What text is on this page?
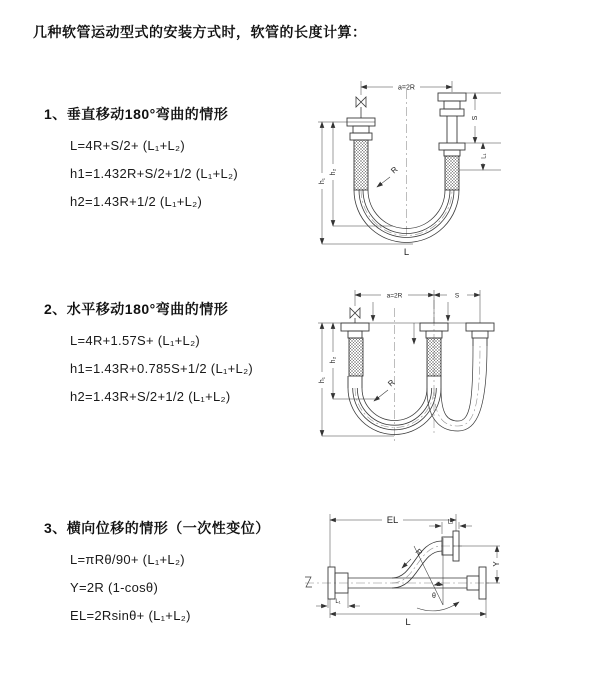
几种软管运动型式的安装方式时，软管的长度计算：
1、垂直移动180°弯曲的情形
L=4R+S/2+ (L₁+L₂)
h1=1.432R+S/2+1/2 (L₁+L₂)
h2=1.43R+1/2 (L₁+L₂)
2、水平移动180°弯曲的情形
L=4R+1.57S+ (L₁+L₂)
h1=1.43R+0.785S+1/2 (L₁+L₂)
h2=1.43R+S/2+1/2 (L₁+L₂)
3、横向位移的情形（一次性变位）
L=πRθ/90+ (L₁+L₂)
Y=2R (1-cosθ)
EL=2Rsinθ+ (L₁+L₂)
a=2R
h₁
h₂
S
L₁
R
L
a=2R	S
h₁
h₂
R
EL	L₂
Y
L
L₁
R
θ
